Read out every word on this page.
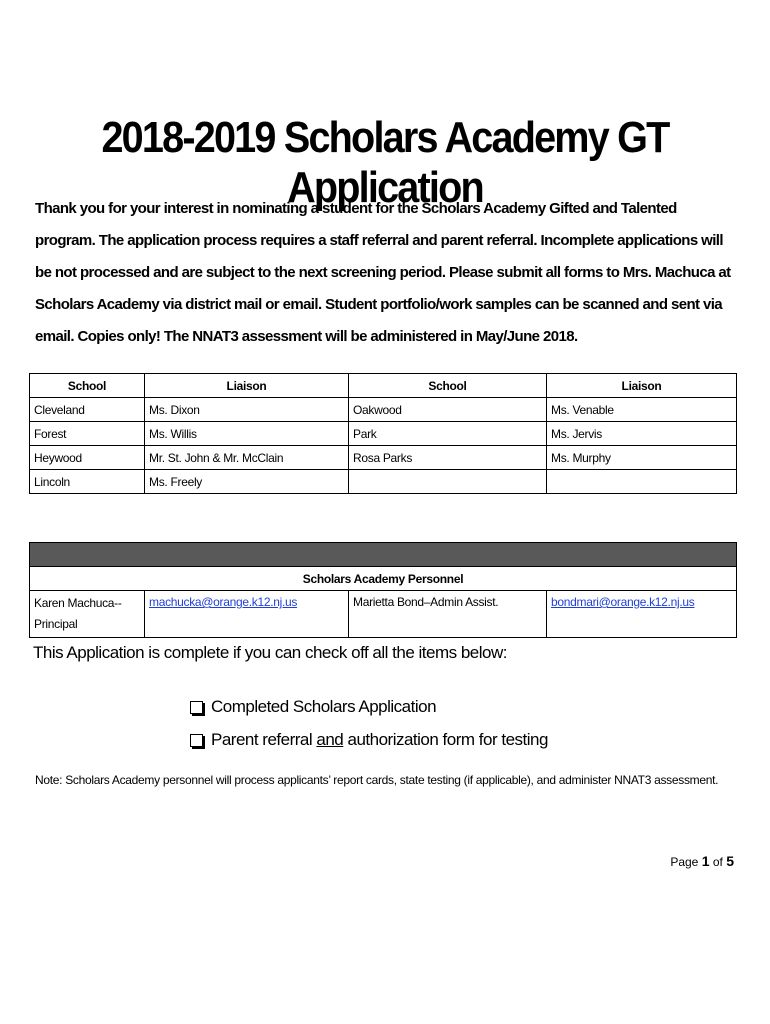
2018-2019 Scholars Academy GT Application
Thank you for your interest in nominating a student for the Scholars Academy Gifted and Talented program. The application process requires a staff referral and parent referral. Incomplete applications will be not processed and are subject to the next screening period. Please submit all forms to Mrs. Machuca at Scholars Academy via district mail or email. Student portfolio/work samples can be scanned and sent via email. Copies only! The NNAT3 assessment will be administered in May/June 2018.
School	Liaison	School	Liaison
Cleveland	Ms. Dixon	Oakwood	Ms. Venable
Forest	Ms. Willis	Park	Ms. Jervis
Heywood	Mr. St. John & Mr. McClain	Rosa Parks	Ms. Murphy
Lincoln	Ms. Freely		

Scholars Academy Personnel
Karen Machuca--Principal	machucka@orange.k12.nj.us	Marietta Bond–Admin Assist.	bondmari@orange.k12.nj.us
This Application is complete if you can check off all the items below:
Completed Scholars Application
Parent referral and authorization form for testing
Note: Scholars Academy personnel will process applicants’ report cards, state testing (if applicable), and administer NNAT3 assessment.
Page 1 of 5
